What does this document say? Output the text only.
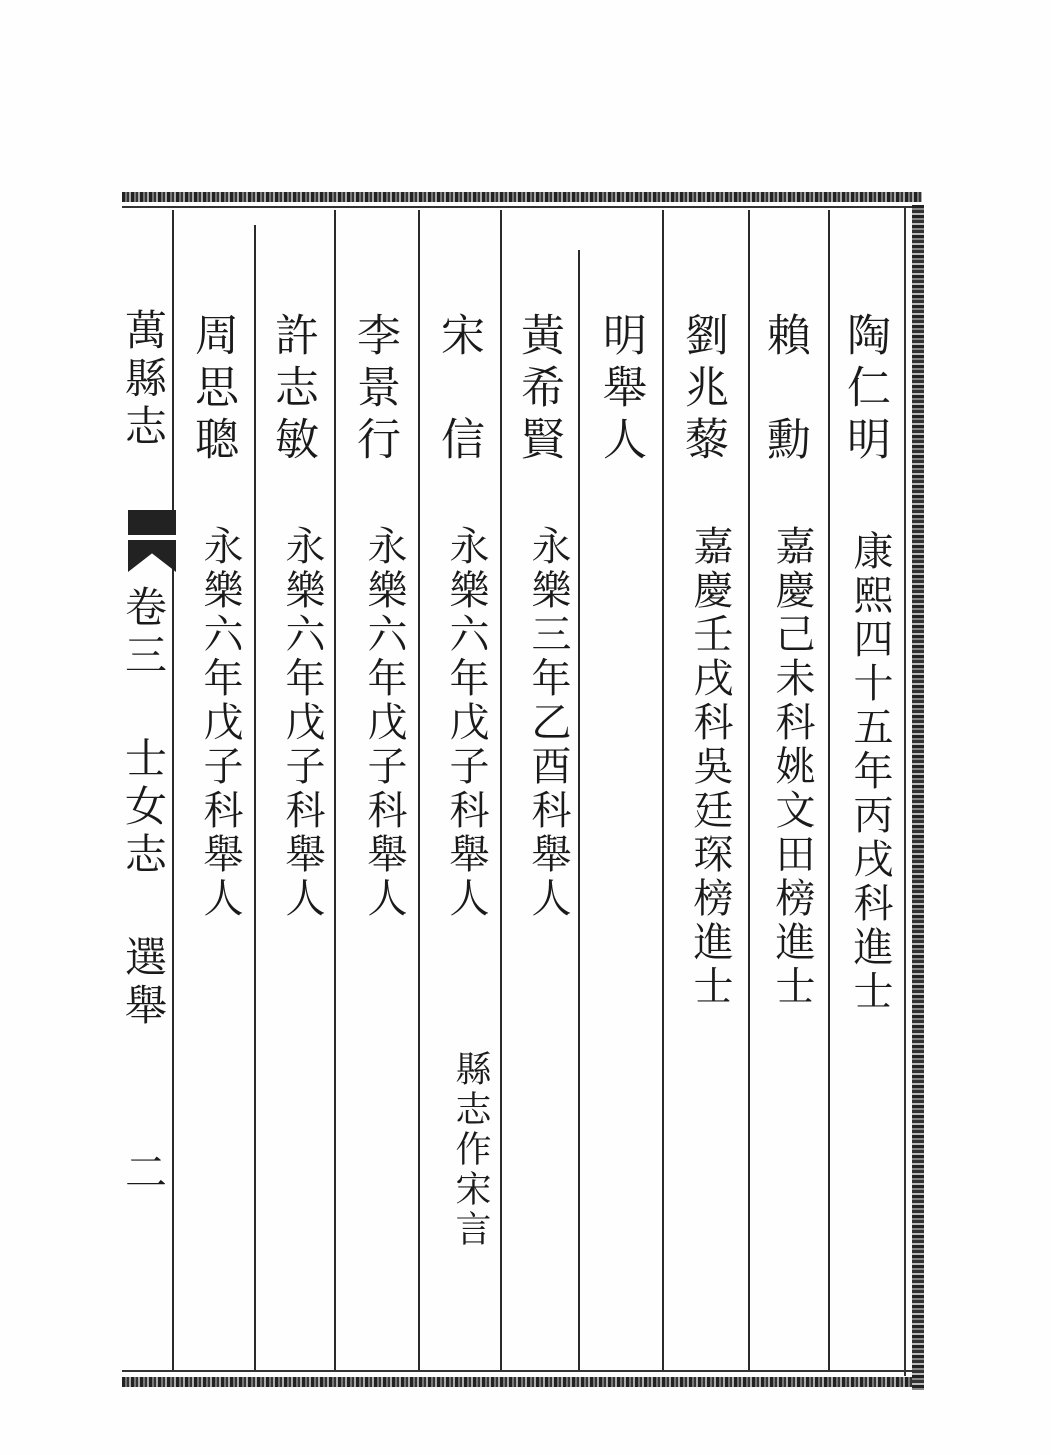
萬縣志
卷三 士女志 選舉
二
陶仁明
康熙四十五年丙戌科進士
賴勳
嘉慶己未科姚文田榜進士
劉兆藜
嘉慶壬戌科吳廷琛榜進士
明舉人
黃希賢
永樂三年乙酉科舉人
宋信
永樂六年戊子科舉人
縣志作宋言
李景行
永樂六年戊子科舉人
許志敏
永樂六年戊子科舉人
周思聰
永樂六年戊子科舉人
